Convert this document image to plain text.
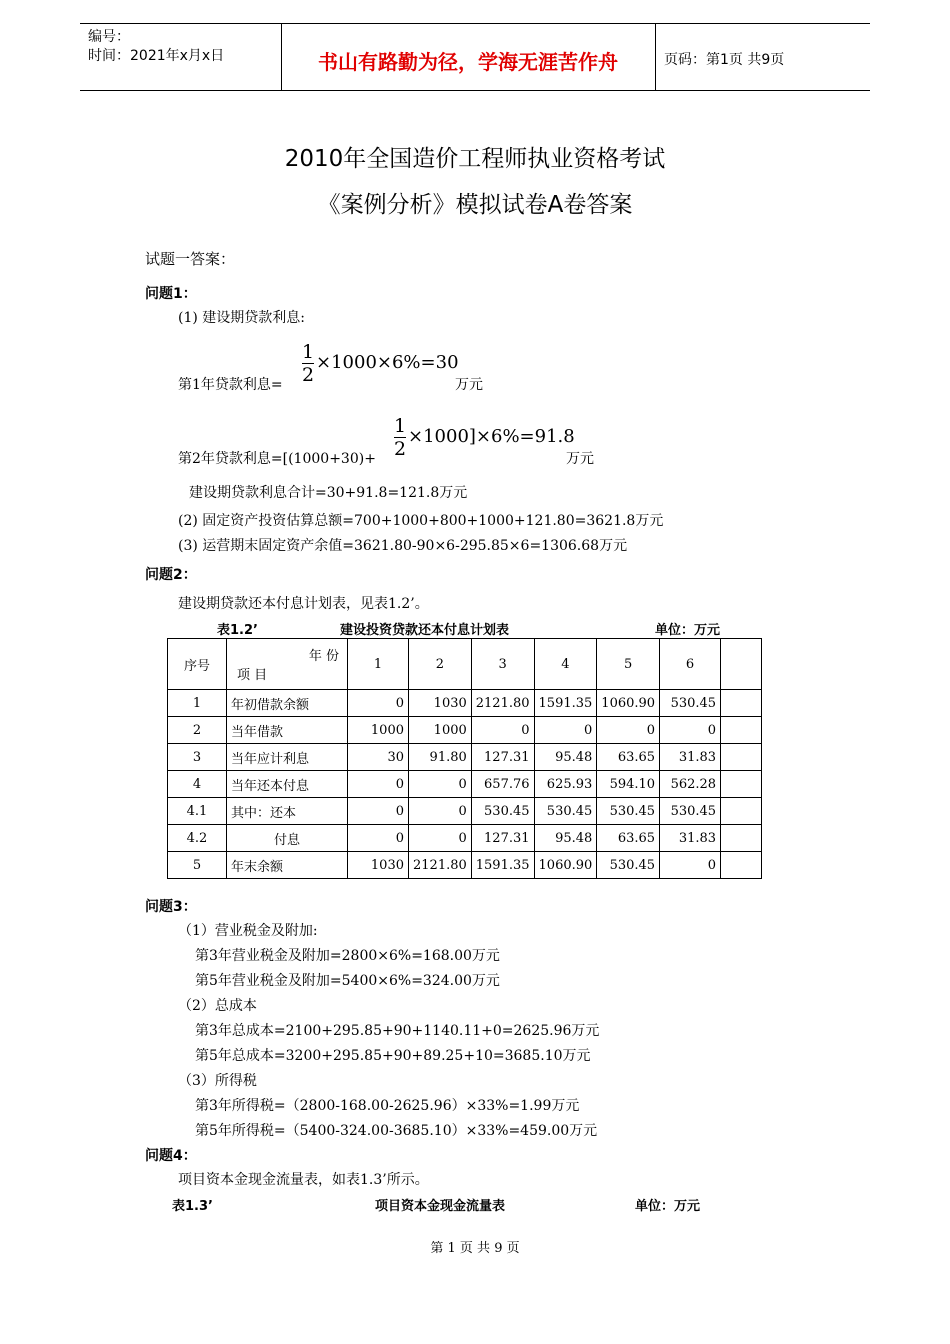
编号：
时间：2021年x月x日	书山有路勤为径，学海无涯苦作舟	页码：第1页 共9页
2010年全国造价工程师执业资格考试
《案例分析》模拟试卷A卷答案
试题一答案：
问题1：
(1) 建设期贷款利息:
第1年贷款利息=
1
2
×1000×6%=30
万元
第2年贷款利息=[(1000+30)+
1
2
×1000]×6%=91.8
万元
建设期贷款利息合计=30+91.8=121.8万元
(2) 固定资产投资估算总额=700+1000+800+1000+121.80=3621.8万元
(3) 运营期末固定资产余值=3621.80-90×6-295.85×6=1306.68万元
问题2：
建设期贷款还本付息计划表，见表1.2’。
表1.2’	建设投资贷款还本付息计划表	单位：万元
序号	年 份
项 目	1	2	3	4	5	6	
1	年初借款余额	0	1030	2121.80	1591.35	1060.90	530.45	
2	当年借款	1000	1000	0	0	0	0	
3	当年应计利息	30	91.80	127.31	95.48	63.65	31.83	
4	当年还本付息	0	0	657.76	625.93	594.10	562.28	
4.1	其中：还本	0	0	530.45	530.45	530.45	530.45	
4.2	付息	0	0	127.31	95.48	63.65	31.83	
5	年末余额	1030	2121.80	1591.35	1060.90	530.45	0	
问题3：
（1）营业税金及附加:
第3年营业税金及附加=2800×6%=168.00万元
第5年营业税金及附加=5400×6%=324.00万元
（2）总成本
第3年总成本=2100+295.85+90+1140.11+0=2625.96万元
第5年总成本=3200+295.85+90+89.25+10=3685.10万元
（3）所得税
第3年所得税=（2800-168.00-2625.96）×33%=1.99万元
第5年所得税=（5400-324.00-3685.10）×33%=459.00万元
问题4：
项目资本金现金流量表，如表1.3’所示。
表1.3’	项目资本金现金流量表	单位：万元
第 1 页 共 9 页
